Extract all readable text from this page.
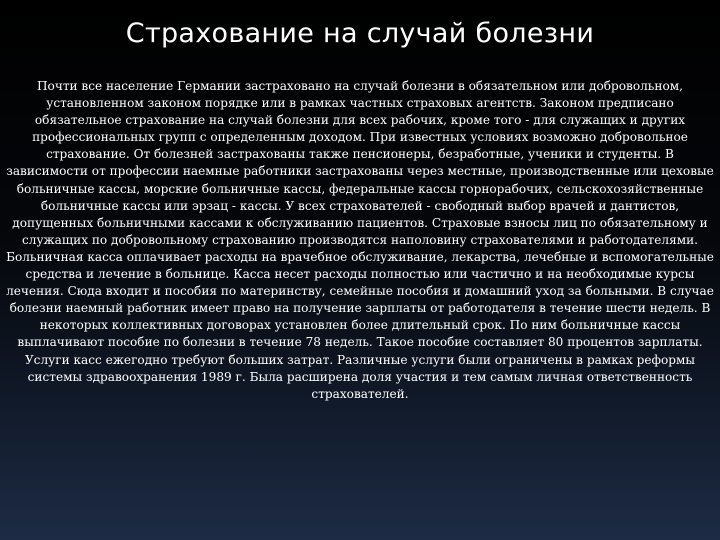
Страхование на случай болезни

Почти все население Германии застраховано на случай болезни в обязательном или добровольном, установленном законом порядке или в рамках частных страховых агентств. Законом предписано обязательное страхование на случай болезни для всех рабочих, кроме того - для служащих и других профессиональных групп с определенным доходом. При известных условиях возможно добровольное страхование. От болезней застрахованы также пенсионеры, безработные, ученики и студенты. В зависимости от профессии наемные работники застрахованы через местные, производственные или цеховые больничные кассы, морские больничные кассы, федеральные кассы горнорабочих, сельскохозяйственные больничные кассы или эрзац - кассы. У всех страхователей - свободный выбор врачей и дантистов, допущенных больничными кассами к обслуживанию пациентов. Страховые взносы лиц по обязательному и служащих по добровольному страхованию производятся наполовину страхователями и работодателями.

Больничная касса оплачивает расходы на врачебное обслуживание, лекарства, лечебные и вспомогательные средства и лечение в больнице. Касса несет расходы полностью или частично и на необходимые курсы лечения. Сюда входит и пособия по материнству, семейные пособия и домашний уход за больными. В случае болезни наемный работник имеет право на получение зарплаты от работодателя в течение шести недель. В некоторых коллективных договорах установлен более длительный срок. По ним больничные кассы выплачивают пособие по болезни в течение 78 недель. Такое пособие составляет 80 процентов зарплаты.

Услуги касс ежегодно требуют больших затрат. Различные услуги были ограничены в рамках реформы системы здравоохранения 1989 г. Была расширена доля участия и тем самым личная ответственность страхователей.
